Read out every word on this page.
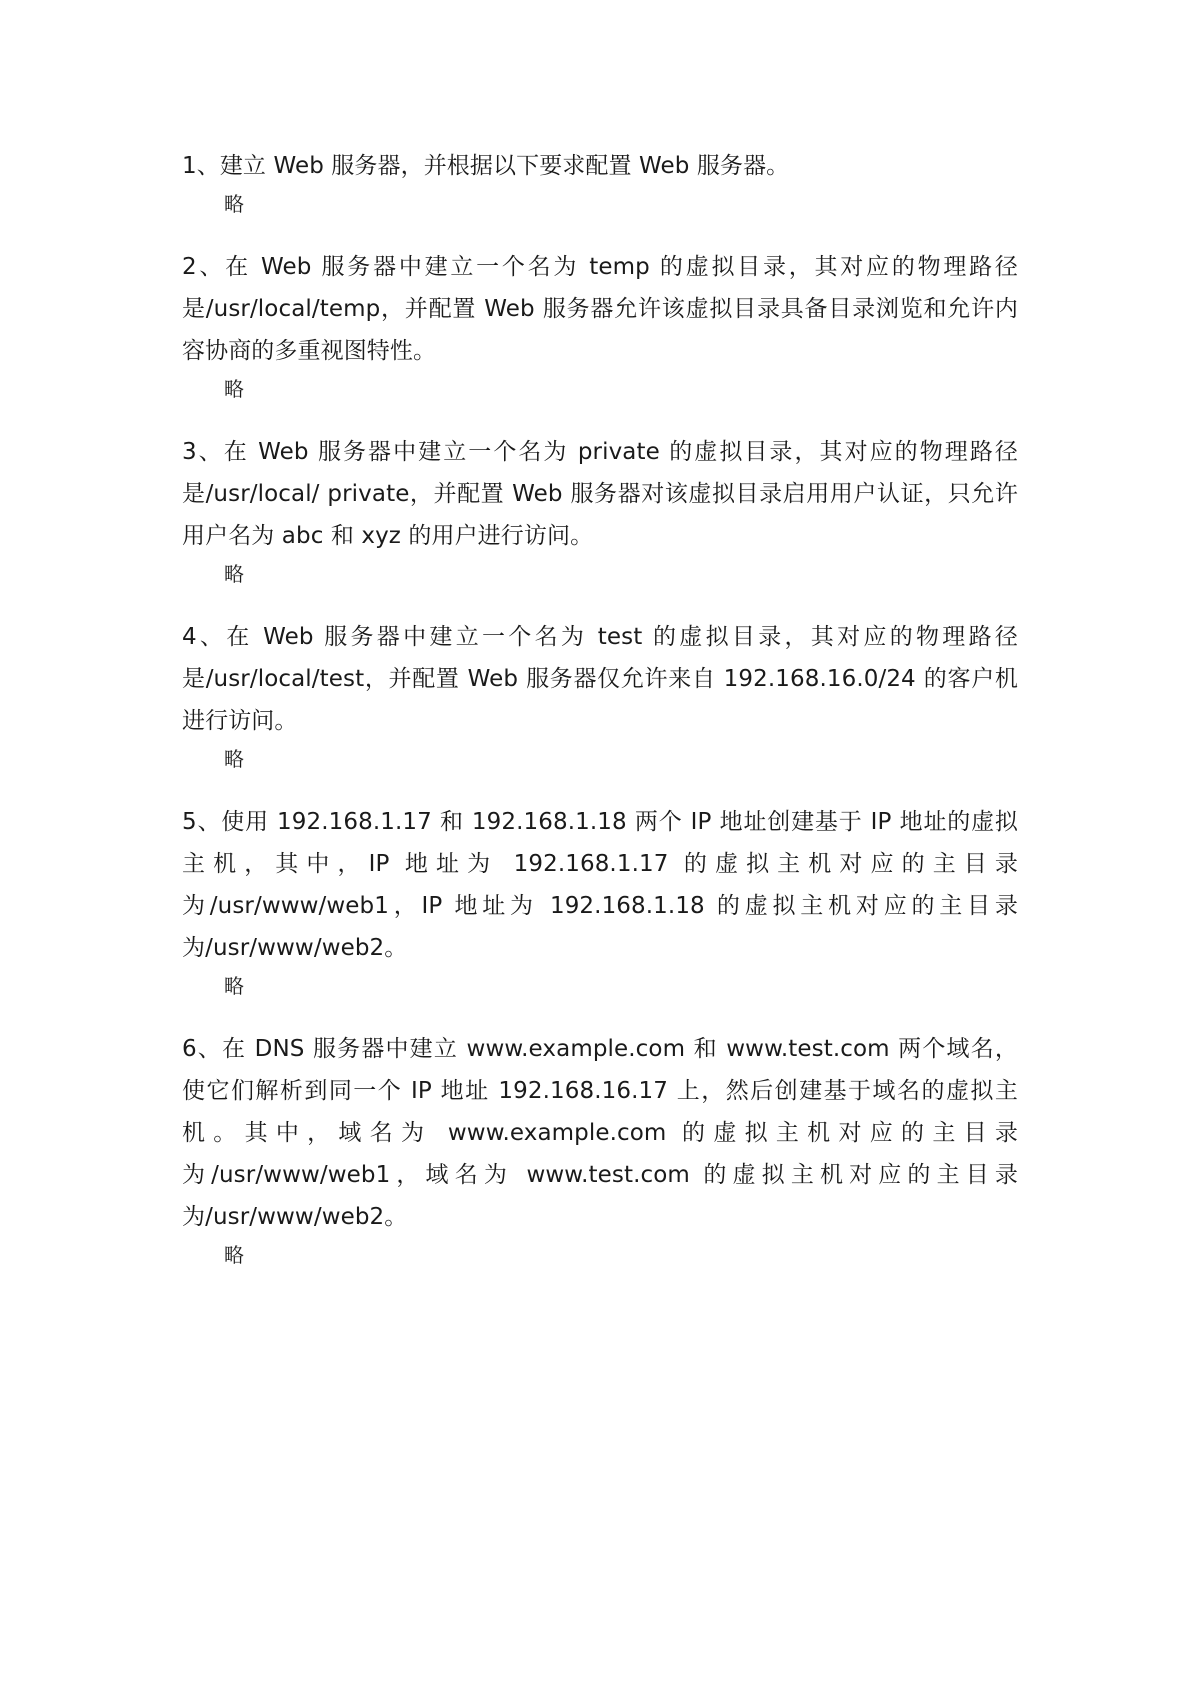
1、建立 Web 服务器，并根据以下要求配置 Web 服务器。

略

2、在 Web 服务器中建立一个名为 temp 的虚拟目录，其对应的物理路径是/usr/local/temp，并配置 Web 服务器允许该虚拟目录具备目录浏览和允许内容协商的多重视图特性。

略

3、在 Web 服务器中建立一个名为 private 的虚拟目录，其对应的物理路径是/usr/local/ private，并配置 Web 服务器对该虚拟目录启用用户认证，只允许用户名为 abc 和 xyz 的用户进行访问。

略

4、在 Web 服务器中建立一个名为 test 的虚拟目录，其对应的物理路径是/usr/local/test，并配置 Web 服务器仅允许来自 192.168.16.0/24 的客户机进行访问。

略

5、使用 192.168.1.17 和 192.168.1.18 两个 IP 地址创建基于 IP 地址的虚拟主机，其中，IP 地址为 192.168.1.17 的虚拟主机对应的主目录为/usr/www/web1，IP 地址为 192.168.1.18 的虚拟主机对应的主目录为/usr/www/web2。

略

6、在 DNS 服务器中建立 www.example.com 和 www.test.com 两个域名，使它们解析到同一个 IP 地址 192.168.16.17 上，然后创建基于域名的虚拟主机。其中，域名为 www.example.com 的虚拟主机对应的主目录为/usr/www/web1，域名为 www.test.com 的虚拟主机对应的主目录为/usr/www/web2。

略
